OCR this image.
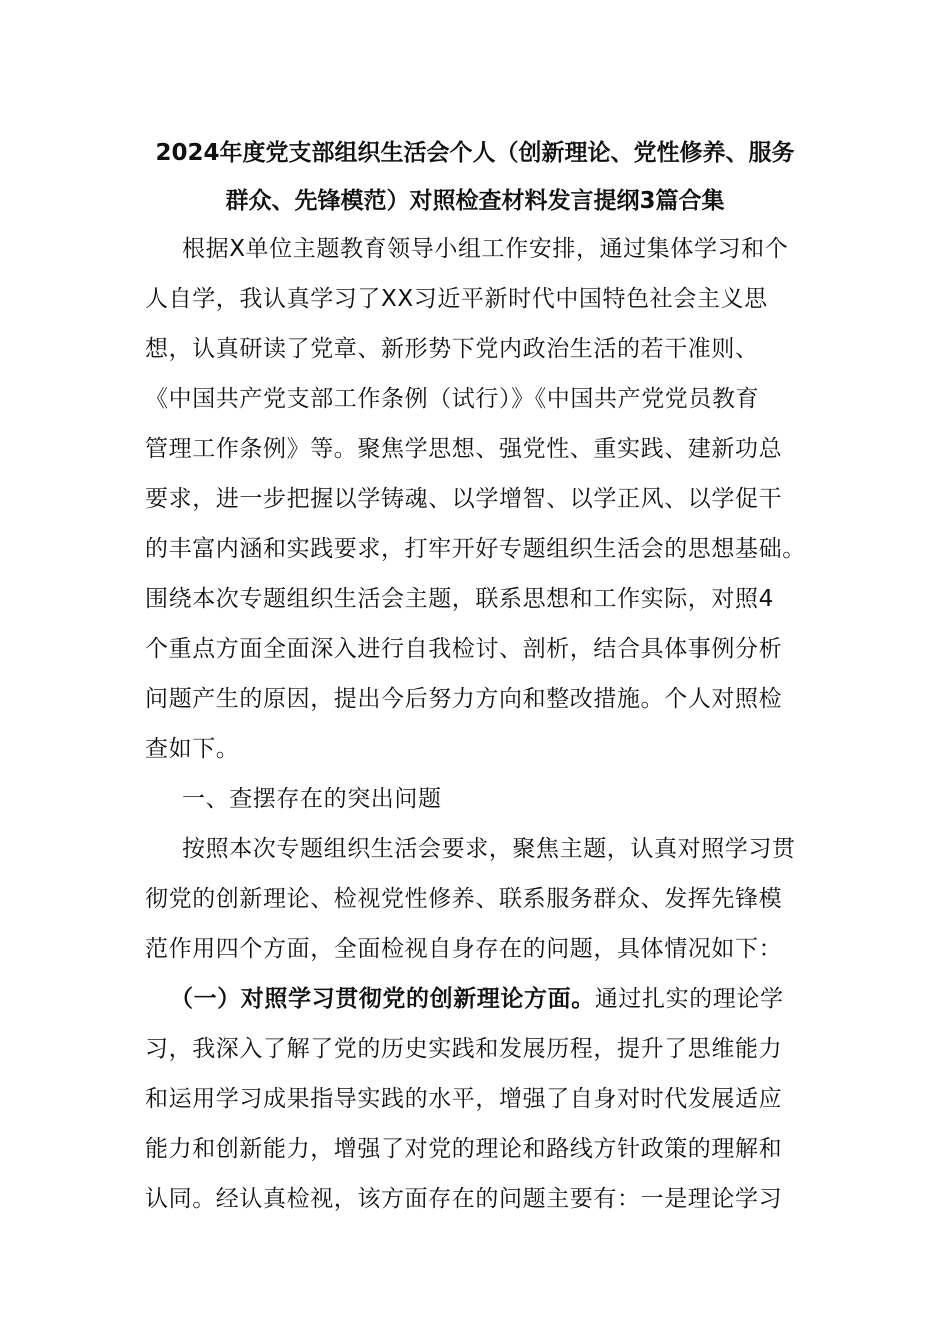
2024年度党支部组织生活会个人（创新理论、党性修养、服务
群众、先锋模范）对照检查材料发言提纲3篇合集
根据X单位主题教育领导小组工作安排，通过集体学习和个
人自学，我认真学习了XX习近平新时代中国特色社会主义思
想，认真研读了党章、新形势下党内政治生活的若干准则、
《中国共产党支部工作条例（试行）》《中国共产党党员教育
管理工作条例》等。聚焦学思想、强党性、重实践、建新功总
要求，进一步把握以学铸魂、以学增智、以学正风、以学促干
的丰富内涵和实践要求，打牢开好专题组织生活会的思想基础。
围绕本次专题组织生活会主题，联系思想和工作实际，对照4
个重点方面全面深入进行自我检讨、剖析，结合具体事例分析
问题产生的原因，提出今后努力方向和整改措施。个人对照检
查如下。
一、查摆存在的突出问题
按照本次专题组织生活会要求，聚焦主题，认真对照学习贯
彻党的创新理论、检视党性修养、联系服务群众、发挥先锋模
范作用四个方面，全面检视自身存在的问题，具体情况如下：
（一）对照学习贯彻党的创新理论方面。通过扎实的理论学
习，我深入了解了党的历史实践和发展历程，提升了思维能力
和运用学习成果指导实践的水平，增强了自身对时代发展适应
能力和创新能力，增强了对党的理论和路线方针政策的理解和
认同。经认真检视，该方面存在的问题主要有：一是理论学习
